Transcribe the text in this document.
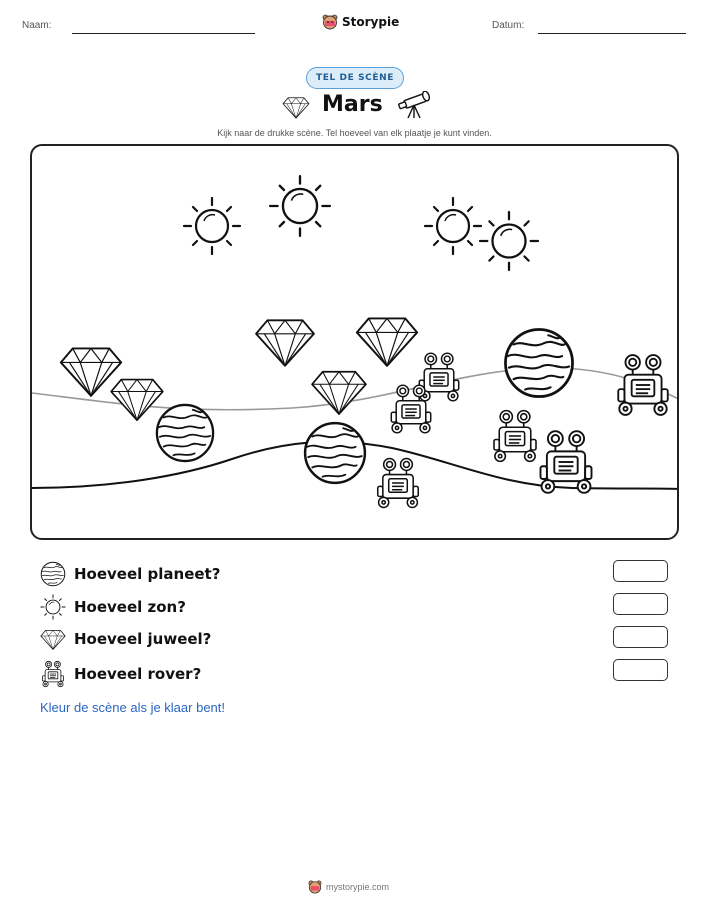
Naam:	Storypie	Datum:
TEL DE SCÈNE
Mars
Kijk naar de drukke scène. Tel hoeveel van elk plaatje je kunt vinden.
Hoeveel planeet?
Hoeveel zon?
Hoeveel juweel?
Hoeveel rover?
Kleur de scène als je klaar bent!
mystorypie.com
